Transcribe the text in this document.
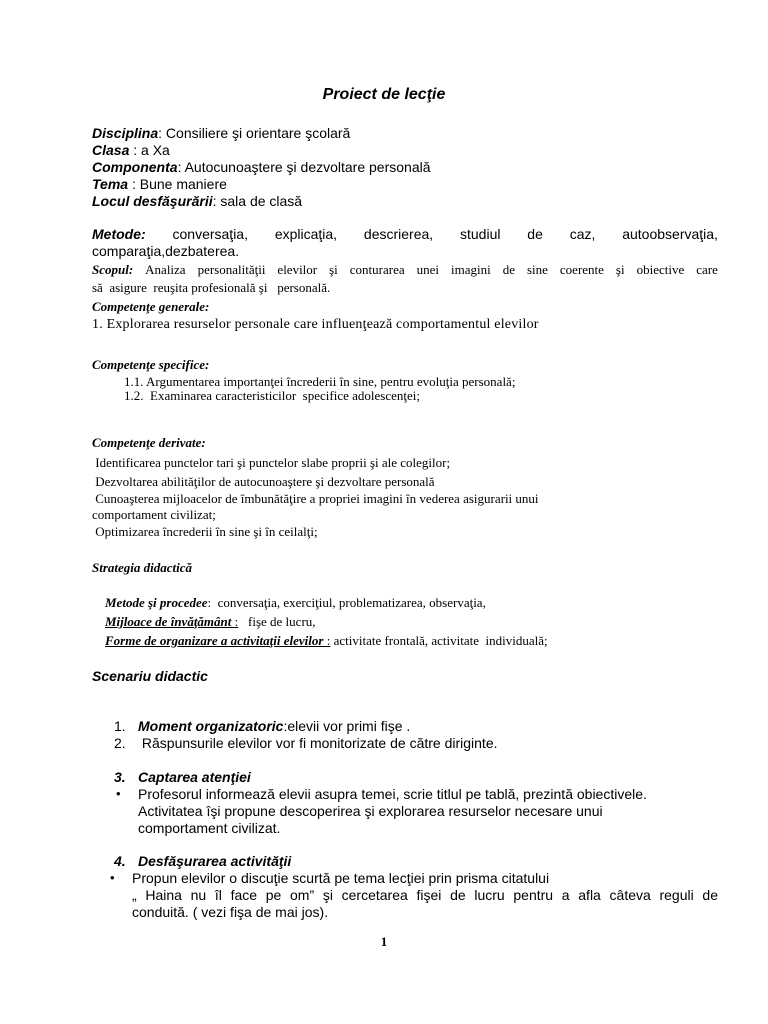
Proiect de lecţie
Disciplina: Consiliere şi orientare şcolară
Clasa : a Xa
Componenta: Autocunoaştere şi dezvoltare personală
Tema : Bune maniere
Locul desfăşurării: sala de clasă
Metode: conversaţia, explicaţia, descrierea, studiul de caz, autoobservaţia,
comparaţia,dezbaterea.
Scopul: Analiza personalităţii elevilor şi conturarea unei imagini de sine coerente şi obiective care
să  asigure  reuşita profesională şi   personală.
Competenţe generale:
1. Explorarea resurselor personale care influenţează comportamentul elevilor
Competenţe specifice:
1.1. Argumentarea importanţei încrederii în sine, pentru evoluţia personală;
1.2.  Examinarea caracteristicilor  specifice adolescenţei;
Competenţe derivate:
Identificarea punctelor tari şi punctelor slabe proprii şi ale colegilor;
Dezvoltarea abilităţilor de autocunoaştere şi dezvoltare personală
Cunoaşterea mijloacelor de îmbunătăţire a propriei imagini în vederea asigurarii unui
comportament civilizat;
Optimizarea încrederii în sine şi în ceilalţi;
Strategia didactică

Metode şi procedee:  conversaţia, exerciţiul, problematizarea, observaţia,

Mijloace de învăţământ :   fişe de lucru,

Forme de organizare a activitaţii elevilor : activitate frontală, activitate  individuală;

Scenariu didactic
1. Moment organizatoric:elevii vor primi fişe .
2. Răspunsurile elevilor vor fi monitorizate de către diriginte.
3. Captarea atenţiei
• Profesorul informează elevii asupra temei, scrie titlul pe tablă, prezintă obiectivele.
Activitatea îşi propune descoperirea şi explorarea resurselor necesare unui
comportament civilizat.
4. Desfăşurarea activităţii
• Propun elevilor o discuţie scurtă pe tema lecţiei prin prisma citatului
„ Haina nu îl face pe om” şi cercetarea fişei de lucru pentru a afla câteva reguli de
conduită. ( vezi fişa de mai jos).
1
